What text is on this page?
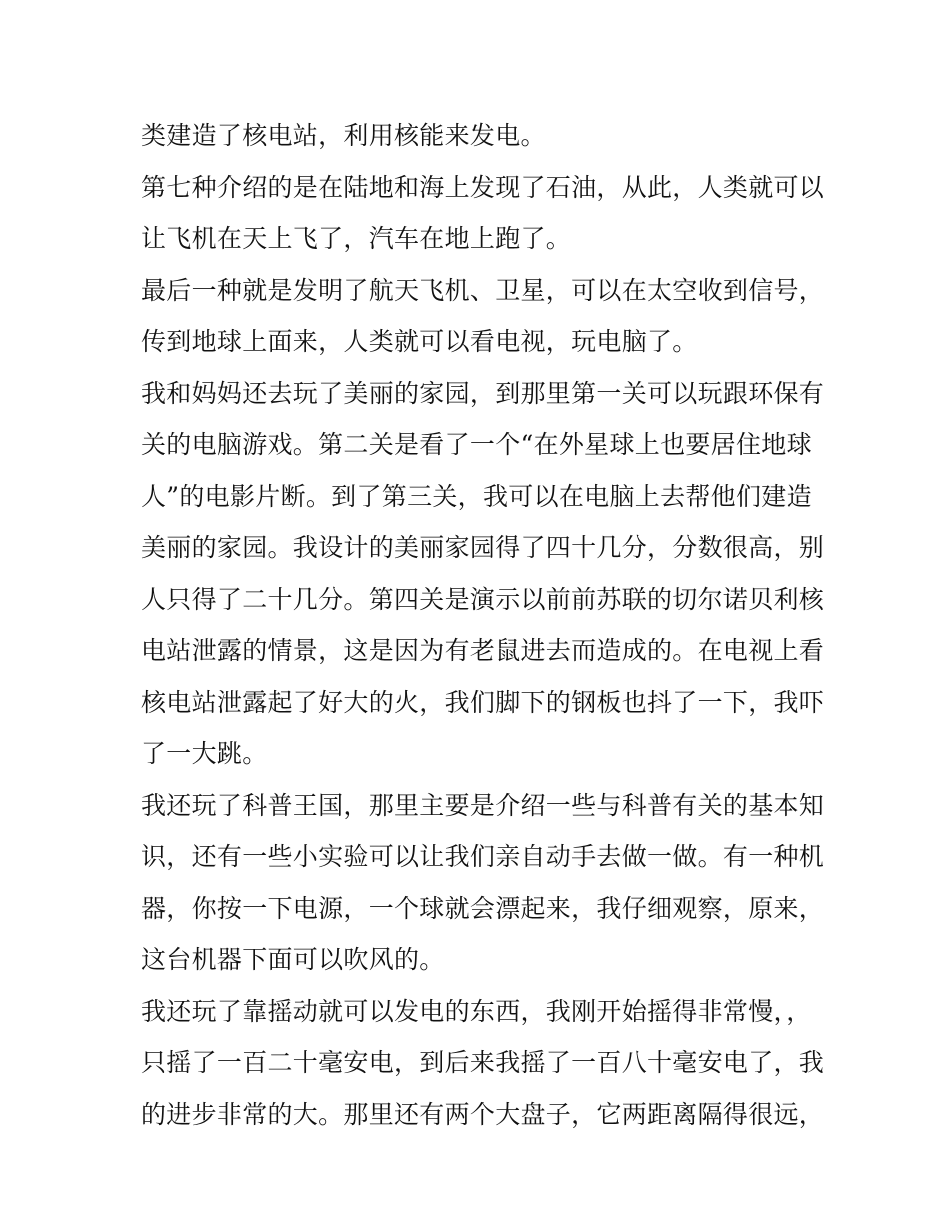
类建造了核电站，利用核能来发电。
第七种介绍的是在陆地和海上发现了石油，从此，人类就可以
让飞机在天上飞了，汽车在地上跑了。
最后一种就是发明了航天飞机、卫星，可以在太空收到信号，
传到地球上面来，人类就可以看电视，玩电脑了。
我和妈妈还去玩了美丽的家园，到那里第一关可以玩跟环保有
关的电脑游戏。第二关是看了一个“在外星球上也要居住地球
人”的电影片断。到了第三关，我可以在电脑上去帮他们建造
美丽的家园。我设计的美丽家园得了四十几分，分数很高，别
人只得了二十几分。第四关是演示以前前苏联的切尔诺贝利核
电站泄露的情景，这是因为有老鼠进去而造成的。在电视上看
核电站泄露起了好大的火，我们脚下的钢板也抖了一下，我吓
了一大跳。
我还玩了科普王国，那里主要是介绍一些与科普有关的基本知
识，还有一些小实验可以让我们亲自动手去做一做。有一种机
器，你按一下电源，一个球就会漂起来，我仔细观察，原来，
这台机器下面可以吹风的。
我还玩了靠摇动就可以发电的东西，我刚开始摇得非常慢，，
只摇了一百二十毫安电，到后来我摇了一百八十毫安电了，我
的进步非常的大。那里还有两个大盘子，它两距离隔得很远，
